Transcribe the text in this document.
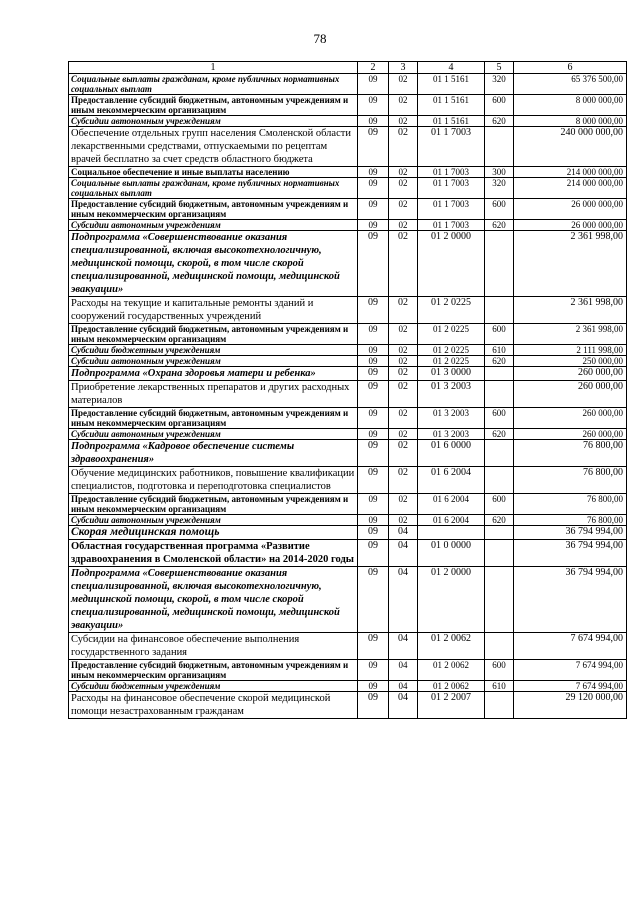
78
1	2	3	4	5	6
Социальные выплаты гражданам, кроме публичных нормативных социальных выплат	09	02	01 1 5161	320	65 376 500,00
Предоставление субсидий бюджетным, автономным учреждениям и иным некоммерческим организациям	09	02	01 1 5161	600	8 000 000,00
Субсидии автономным учреждениям	09	02	01 1 5161	620	8 000 000,00
Обеспечение отдельных групп населения Смоленской области лекарственными средствами, отпускаемыми по рецептам врачей бесплатно за счет средств областного бюджета	09	02	01 1 7003		240 000 000,00
Социальное обеспечение и иные выплаты населению	09	02	01 1 7003	300	214 000 000,00
Социальные выплаты гражданам, кроме публичных нормативных социальных выплат	09	02	01 1 7003	320	214 000 000,00
Предоставление субсидий бюджетным, автономным учреждениям и иным некоммерческим организациям	09	02	01 1 7003	600	26 000 000,00
Субсидии автономным учреждениям	09	02	01 1 7003	620	26 000 000,00
Подпрограмма «Совершенствование оказания специализированной, включая высокотехнологичную, медицинской помощи, скорой, в том числе скорой специализированной, медицинской помощи, медицинской эвакуации»	09	02	01 2 0000		2 361 998,00
Расходы на текущие и капитальные ремонты зданий и сооружений государственных учреждений	09	02	01 2 0225		2 361 998,00
Предоставление субсидий бюджетным, автономным учреждениям и иным некоммерческим организациям	09	02	01 2 0225	600	2 361 998,00
Субсидии бюджетным учреждениям	09	02	01 2 0225	610	2 111 998,00
Субсидии автономным учреждениям	09	02	01 2 0225	620	250 000,00
Подпрограмма «Охрана здоровья матери и ребенка»	09	02	01 3 0000		260 000,00
Приобретение лекарственных препаратов и других расходных материалов	09	02	01 3 2003		260 000,00
Предоставление субсидий бюджетным, автономным учреждениям и иным некоммерческим организациям	09	02	01 3 2003	600	260 000,00
Субсидии автономным учреждениям	09	02	01 3 2003	620	260 000,00
Подпрограмма «Кадровое обеспечение системы здравоохранения»	09	02	01 6 0000		76 800,00
Обучение медицинских работников, повышение квалификации специалистов, подготовка и переподготовка специалистов	09	02	01 6 2004		76 800,00
Предоставление субсидий бюджетным, автономным учреждениям и иным некоммерческим организациям	09	02	01 6 2004	600	76 800,00
Субсидии автономным учреждениям	09	02	01 6 2004	620	76 800,00
Скорая медицинская помощь	09	04			36 794 994,00
Областная государственная программа «Развитие здравоохранения в Смоленской области» на 2014-2020 годы	09	04	01 0 0000		36 794 994,00
Подпрограмма «Совершенствование оказания специализированной, включая высокотехнологичную, медицинской помощи, скорой, в том числе скорой специализированной, медицинской помощи, медицинской эвакуации»	09	04	01 2 0000		36 794 994,00
Субсидии на финансовое обеспечение выполнения государственного задания	09	04	01 2 0062		7 674 994,00
Предоставление субсидий бюджетным, автономным учреждениям и иным некоммерческим организациям	09	04	01 2 0062	600	7 674 994,00
Субсидии бюджетным учреждениям	09	04	01 2 0062	610	7 674 994,00
Расходы на финансовое обеспечение скорой медицинской помощи незастрахованным гражданам	09	04	01 2 2007		29 120 000,00
